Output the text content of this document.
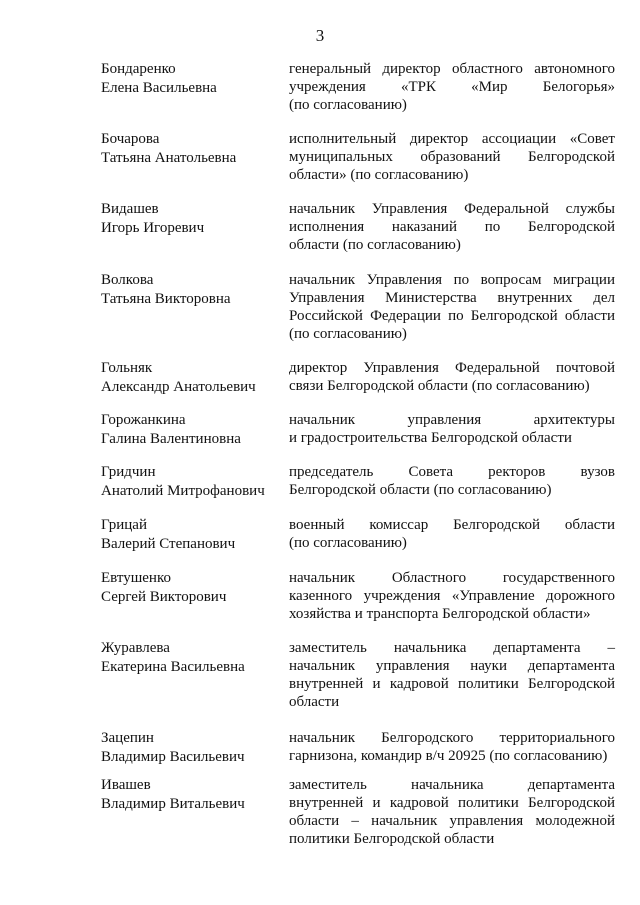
3
Бондаренко
Елена Васильевна
генеральный директор областного автономного
учреждения «ТРК «Мир Белогорья»
(по согласованию)
Бочарова
Татьяна Анатольевна
исполнительный директор ассоциации «Совет
муниципальных образований Белгородской
области» (по согласованию)
Видашев
Игорь Игоревич
начальник Управления Федеральной службы
исполнения наказаний по Белгородской
области (по согласованию)
Волкова
Татьяна Викторовна
начальник Управления по вопросам миграции
Управления Министерства внутренних дел
Российской Федерации по Белгородской области
(по согласованию)
Гольняк
Александр Анатольевич
директор Управления Федеральной почтовой
связи Белгородской области (по согласованию)
Горожанкина
Галина Валентиновна
начальник управления архитектуры
и градостроительства Белгородской области
Гридчин
Анатолий Митрофанович
председатель Совета ректоров вузов
Белгородской области (по согласованию)
Грицай
Валерий Степанович
военный комиссар Белгородской области
(по согласованию)
Евтушенко
Сергей Викторович
начальник Областного государственного
казенного учреждения «Управление дорожного
хозяйства и транспорта Белгородской области»
Журавлева
Екатерина Васильевна
заместитель начальника департамента –
начальник управления науки департамента
внутренней и кадровой политики Белгородской
области
Зацепин
Владимир Васильевич
начальник Белгородского территориального
гарнизона, командир в/ч 20925 (по согласованию)
Ивашев
Владимир Витальевич
заместитель начальника департамента
внутренней и кадровой политики Белгородской
области – начальник управления молодежной
политики Белгородской области
